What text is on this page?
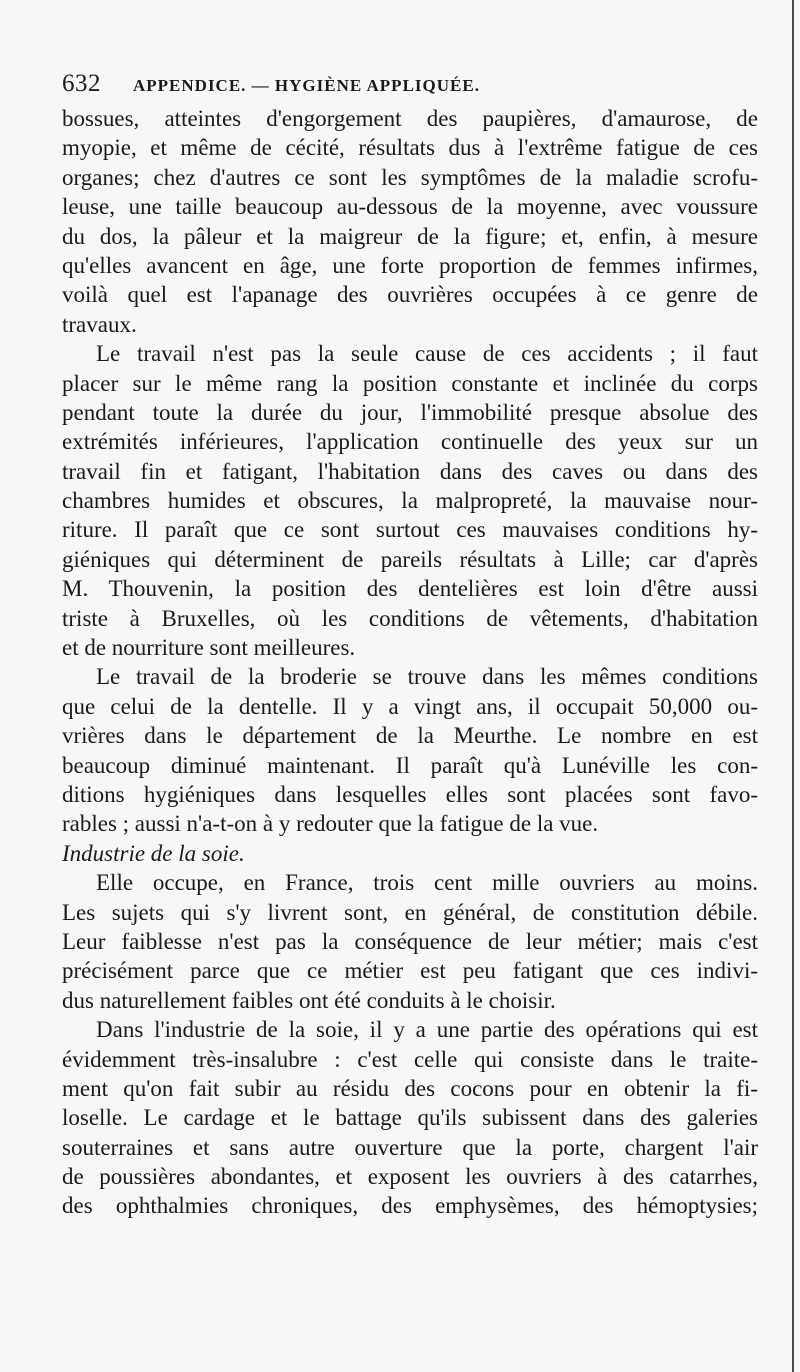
632 APPENDICE. — HYGIÈNE APPLIQUÉE.
bossues, atteintes d'engorgement des paupières, d'amaurose, de
myopie, et même de cécité, résultats dus à l'extrême fatigue de ces
organes; chez d'autres ce sont les symptômes de la maladie scrofu-
leuse, une taille beaucoup au-dessous de la moyenne, avec voussure
du dos, la pâleur et la maigreur de la figure; et, enfin, à mesure
qu'elles avancent en âge, une forte proportion de femmes infirmes,
voilà quel est l'apanage des ouvrières occupées à ce genre de
travaux.
Le travail n'est pas la seule cause de ces accidents ; il faut
placer sur le même rang la position constante et inclinée du corps
pendant toute la durée du jour, l'immobilité presque absolue des
extrémités inférieures, l'application continuelle des yeux sur un
travail fin et fatigant, l'habitation dans des caves ou dans des
chambres humides et obscures, la malpropreté, la mauvaise nour-
riture. Il paraît que ce sont surtout ces mauvaises conditions hy-
giéniques qui déterminent de pareils résultats à Lille; car d'après
M. Thouvenin, la position des dentelières est loin d'être aussi
triste à Bruxelles, où les conditions de vêtements, d'habitation
et de nourriture sont meilleures.
Le travail de la broderie se trouve dans les mêmes conditions
que celui de la dentelle. Il y a vingt ans, il occupait 50,000 ou-
vrières dans le département de la Meurthe. Le nombre en est
beaucoup diminué maintenant. Il paraît qu'à Lunéville les con-
ditions hygiéniques dans lesquelles elles sont placées sont favo-
rables ; aussi n'a-t-on à y redouter que la fatigue de la vue.
Industrie de la soie.
Elle occupe, en France, trois cent mille ouvriers au moins.
Les sujets qui s'y livrent sont, en général, de constitution débile.
Leur faiblesse n'est pas la conséquence de leur métier; mais c'est
précisément parce que ce métier est peu fatigant que ces indivi-
dus naturellement faibles ont été conduits à le choisir.
Dans l'industrie de la soie, il y a une partie des opérations qui est
évidemment très-insalubre : c'est celle qui consiste dans le traite-
ment qu'on fait subir au résidu des cocons pour en obtenir la fi-
loselle. Le cardage et le battage qu'ils subissent dans des galeries
souterraines et sans autre ouverture que la porte, chargent l'air
de poussières abondantes, et exposent les ouvriers à des catarrhes,
des ophthalmies chroniques, des emphysèmes, des hémoptysies;
